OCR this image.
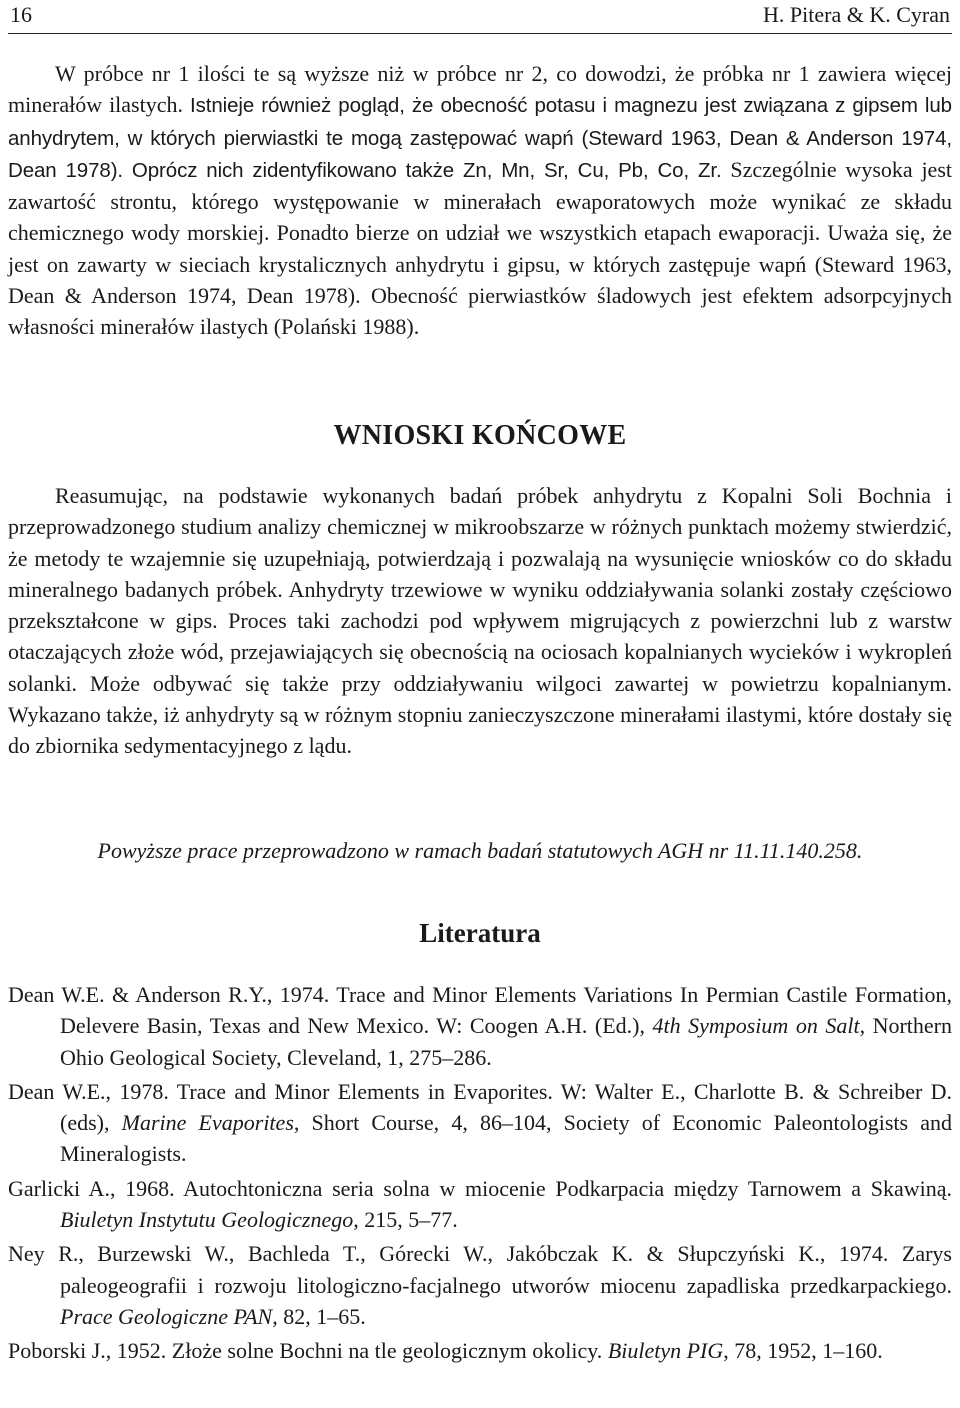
16	H. Pitera & K. Cyran

W próbce nr 1 ilości te są wyższe niż w próbce nr 2, co dowodzi, że próbka nr 1 zawiera więcej minerałów ilastych. Istnieje również pogląd, że obecność potasu i magnezu jest związana z gipsem lub anhydrytem, w których pierwiastki te mogą zastępować wapń (Steward 1963, Dean & Anderson 1974, Dean 1978). Oprócz nich zidentyfikowano także Zn, Mn, Sr, Cu, Pb, Co, Zr. Szczególnie wysoka jest zawartość strontu, którego występowanie w minerałach ewaporatowych może wynikać ze składu chemicznego wody morskiej. Ponadto bierze on udział we wszystkich etapach ewaporacji. Uważa się, że jest on zawarty w sieciach krystalicznych anhydrytu i gipsu, w których zastępuje wapń (Steward 1963, Dean & Anderson 1974, Dean 1978). Obecność pierwiastków śladowych jest efektem adsorpcyjnych własności minerałów ilastych (Polański 1988).

WNIOSKI KOŃCOWE

Reasumując, na podstawie wykonanych badań próbek anhydrytu z Kopalni Soli Bochnia i przeprowadzonego studium analizy chemicznej w mikroobszarze w różnych punktach możemy stwierdzić, że metody te wzajemnie się uzupełniają, potwierdzają i pozwalają na wysunięcie wniosków co do składu mineralnego badanych próbek. Anhydryty trzewiowe w wyniku oddziaływania solanki zostały częściowo przekształcone w gips. Proces taki zachodzi pod wpływem migrujących z powierzchni lub z warstw otaczających złoże wód, przejawiających się obecnością na ociosach kopalnianych wycieków i wykropleń solanki. Może odbywać się także przy oddziaływaniu wilgoci zawartej w powietrzu kopalnianym. Wykazano także, iż anhydryty są w różnym stopniu zanieczyszczone minerałami ilastymi, które dostały się do zbiornika sedymentacyjnego z lądu.

Powyższe prace przeprowadzono w ramach badań statutowych AGH nr 11.11.140.258.

Literatura
Dean W.E. & Anderson R.Y., 1974. Trace and Minor Elements Variations In Permian Castile Formation, Delevere Basin, Texas and New Mexico. W: Coogen A.H. (Ed.), 4th Symposium on Salt, Northern Ohio Geological Society, Cleveland, 1, 275–286.
Dean W.E., 1978. Trace and Minor Elements in Evaporites. W: Walter E., Charlotte B. & Schreiber D. (eds), Marine Evaporites, Short Course, 4, 86–104, Society of Economic Paleontologists and Mineralogists.
Garlicki A., 1968. Autochtoniczna seria solna w miocenie Podkarpacia między Tarnowem a Skawiną. Biuletyn Instytutu Geologicznego, 215, 5–77.
Ney R., Burzewski W., Bachleda T., Górecki W., Jakóbczak K. & Słupczyński K., 1974. Zarys paleogeografii i rozwoju litologiczno-facjalnego utworów miocenu zapadliska przedkarpackiego. Prace Geologiczne PAN, 82, 1–65.
Poborski J., 1952. Złoże solne Bochni na tle geologicznym okolicy. Biuletyn PIG, 78, 1952, 1–160.
